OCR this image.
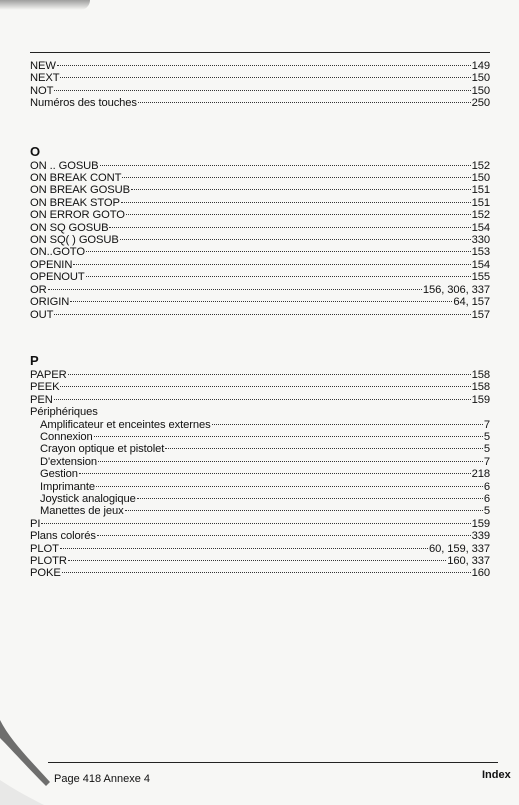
NEW	149
NEXT	150
NOT	150
Numéros des touches	250
O
ON .. GOSUB	152
ON BREAK CONT	150
ON BREAK GOSUB	151
ON BREAK STOP	151
ON ERROR GOTO	152
ON SQ GOSUB	154
ON SQ( ) GOSUB	330
ON..GOTO	153
OPENIN	154
OPENOUT	155
OR	156, 306, 337
ORIGIN	64, 157
OUT	157
P
PAPER	158
PEEK	158
PEN	159
Périphériques
Amplificateur et enceintes externes	7
Connexion	5
Crayon optique et pistolet	5
D'extension	7
Gestion	218
Imprimante	6
Joystick analogique	6
Manettes de jeux	5
PI	159
Plans colorés	339
PLOT	60, 159, 337
PLOTR	160, 337
POKE	160
Page 418 Annexe 4	Index
